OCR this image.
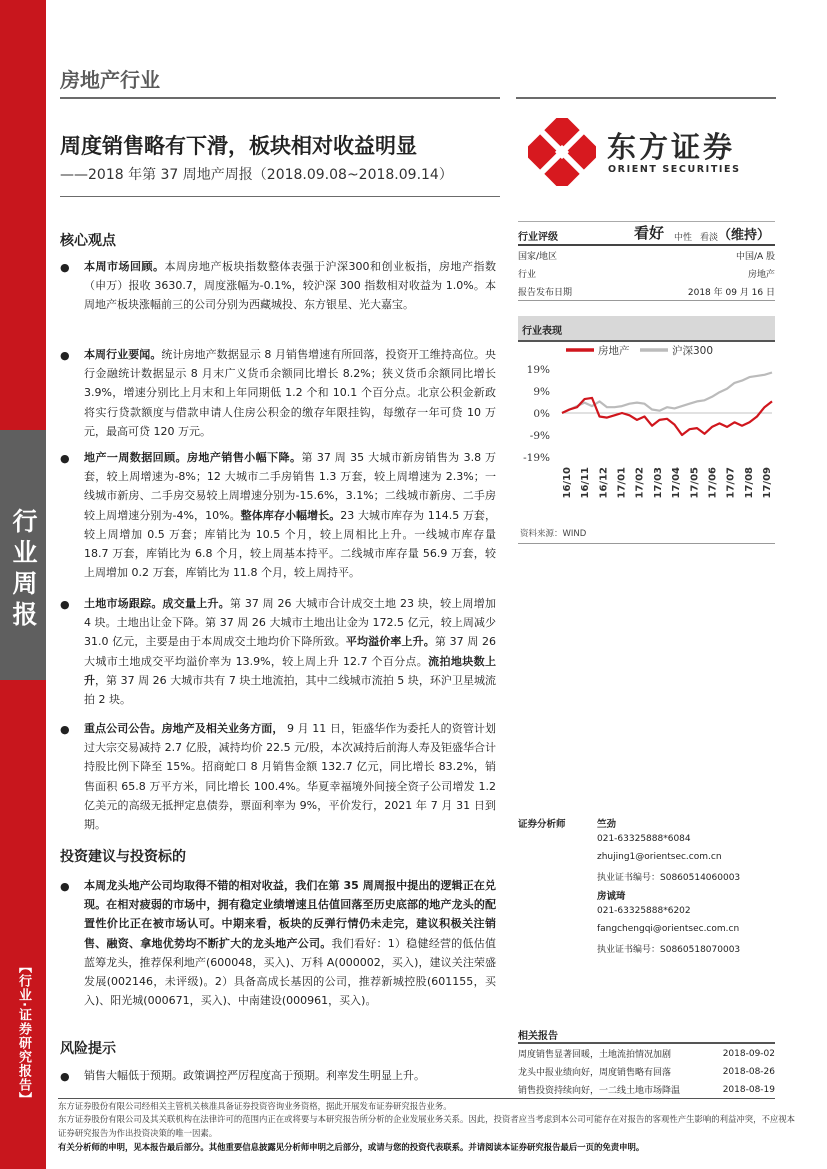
行业周报
【行业·证券研究报告】
房地产行业
周度销售略有下滑，板块相对收益明显
——2018 年第 37 周地产周报（2018.09.08~2018.09.14）
东方证券
ORIENT SECURITIES
核心观点
● 本周市场回顾。本周房地产板块指数整体表强于沪深300和创业板指，房地产指数（申万）报收 3630.7，周度涨幅为-0.1%，较沪深 300 指数相对收益为 1.0%。本周地产板块涨幅前三的公司分别为西藏城投、东方银星、光大嘉宝。
● 本周行业要闻。统计房地产数据显示 8 月销售增速有所回落，投资开工维持高位。央行金融统计数据显示 8 月末广义货币余额同比增长 8.2%；狭义货币余额同比增长 3.9%，增速分别比上月末和上年同期低 1.2 个和 10.1 个百分点。北京公积金新政将实行贷款额度与借款申请人住房公积金的缴存年限挂钩，每缴存一年可贷 10 万元，最高可贷 120 万元。
● 地产一周数据回顾。房地产销售小幅下降。第 37 周 35 大城市新房销售为 3.8 万套，较上周增速为-8%；12 大城市二手房销售 1.3 万套，较上周增速为 2.3%；一线城市新房、二手房交易较上周增速分别为-15.6%，3.1%；二线城市新房、二手房较上周增速分别为-4%，10%。整体库存小幅增长。23 大城市库存为 114.5 万套，较上周增加 0.5 万套；库销比为 10.5 个月，较上周相比上升。一线城市库存量 18.7 万套，库销比为 6.8 个月，较上周基本持平。二线城市库存量 56.9 万套，较上周增加 0.2 万套，库销比为 11.8 个月，较上周持平。
● 土地市场跟踪。成交量上升。第 37 周 26 大城市合计成交土地 23 块，较上周增加 4 块。土地出让金下降。第 37 周 26 大城市土地出让金为 172.5 亿元，较上周减少 31.0 亿元，主要是由于本周成交土地均价下降所致。平均溢价率上升。第 37 周 26 大城市土地成交平均溢价率为 13.9%，较上周上升 12.7 个百分点。流拍地块数上升，第 37 周 26 大城市共有 7 块土地流拍，其中二线城市流拍 5 块，环沪卫星城流拍 2 块。
● 重点公司公告。房地产及相关业务方面， 9 月 11 日，钜盛华作为委托人的资管计划过大宗交易减持 2.7 亿股，减持均价 22.5 元/股，本次减持后前海人寿及钜盛华合计持股比例下降至 15%。招商蛇口 8 月销售金额 132.7 亿元，同比增长 83.2%，销售面积 65.8 万平方米，同比增长 100.4%。华夏幸福境外间接全资子公司增发 1.2 亿美元的高级无抵押定息债券，票面利率为 9%，平价发行，2021 年 7 月 31 日到期。
投资建议与投资标的
● 本周龙头地产公司均取得不错的相对收益，我们在第 35 周周报中提出的逻辑正在兑现。在相对疲弱的市场中，拥有稳定业绩增速且估值回落至历史底部的地产龙头的配置性价比正在被市场认可。中期来看，板块的反弹行情仍未走完，建议积极关注销售、融资、拿地优势均不断扩大的龙头地产公司。我们看好：1）稳健经营的低估值蓝筹龙头，推荐保利地产(600048，买入)、万科 A(000002，买入)，建议关注荣盛发展(002146，未评级)。2）具备高成长基因的公司，推荐新城控股(601155，买入)、阳光城(000671，买入)、中南建设(000961，买入)。
风险提示
● 销售大幅低于预期。政策调控严厉程度高于预期。利率发生明显上升。
行业评级	看好 中性 看淡 （维持）
国家/地区	中国/A 股
行业	房地产
报告发布日期	2018 年 09 月 16 日
行业表现
房地产	沪深300
19%
9%
0%
-9%
-19%
16/10 16/11 16/12 17/01 17/02 17/03 17/04 17/05 17/06 17/07 17/08 17/09
资料来源：WIND
证券分析师	竺劲
021-63325888*6084
zhujing1@orientsec.com.cn
执业证书编号：S0860514060003
房诚琦
021-63325888*6202
fangchengqi@orientsec.com.cn
执业证书编号：S0860518070003
相关报告
周度销售显著回暖，土地流拍情况加剧	2018-09-02
龙头中报业绩向好，周度销售略有回落	2018-08-26
销售投资持续向好，一二线土地市场降温	2018-08-19
东方证券股份有限公司经相关主管机关核准具备证券投资咨询业务资格，据此开展发布证券研究报告业务。
东方证券股份有限公司及其关联机构在法律许可的范围内正在或将要与本研究报告所分析的企业发展业务关系。因此，投资者应当考虑到本公司可能存在对报告的客观性产生影响的利益冲突，不应视本证券研究报告为作出投资决策的唯一因素。
有关分析师的申明，见本报告最后部分。其他重要信息披露见分析师申明之后部分，或请与您的投资代表联系。并请阅读本证券研究报告最后一页的免责申明。
